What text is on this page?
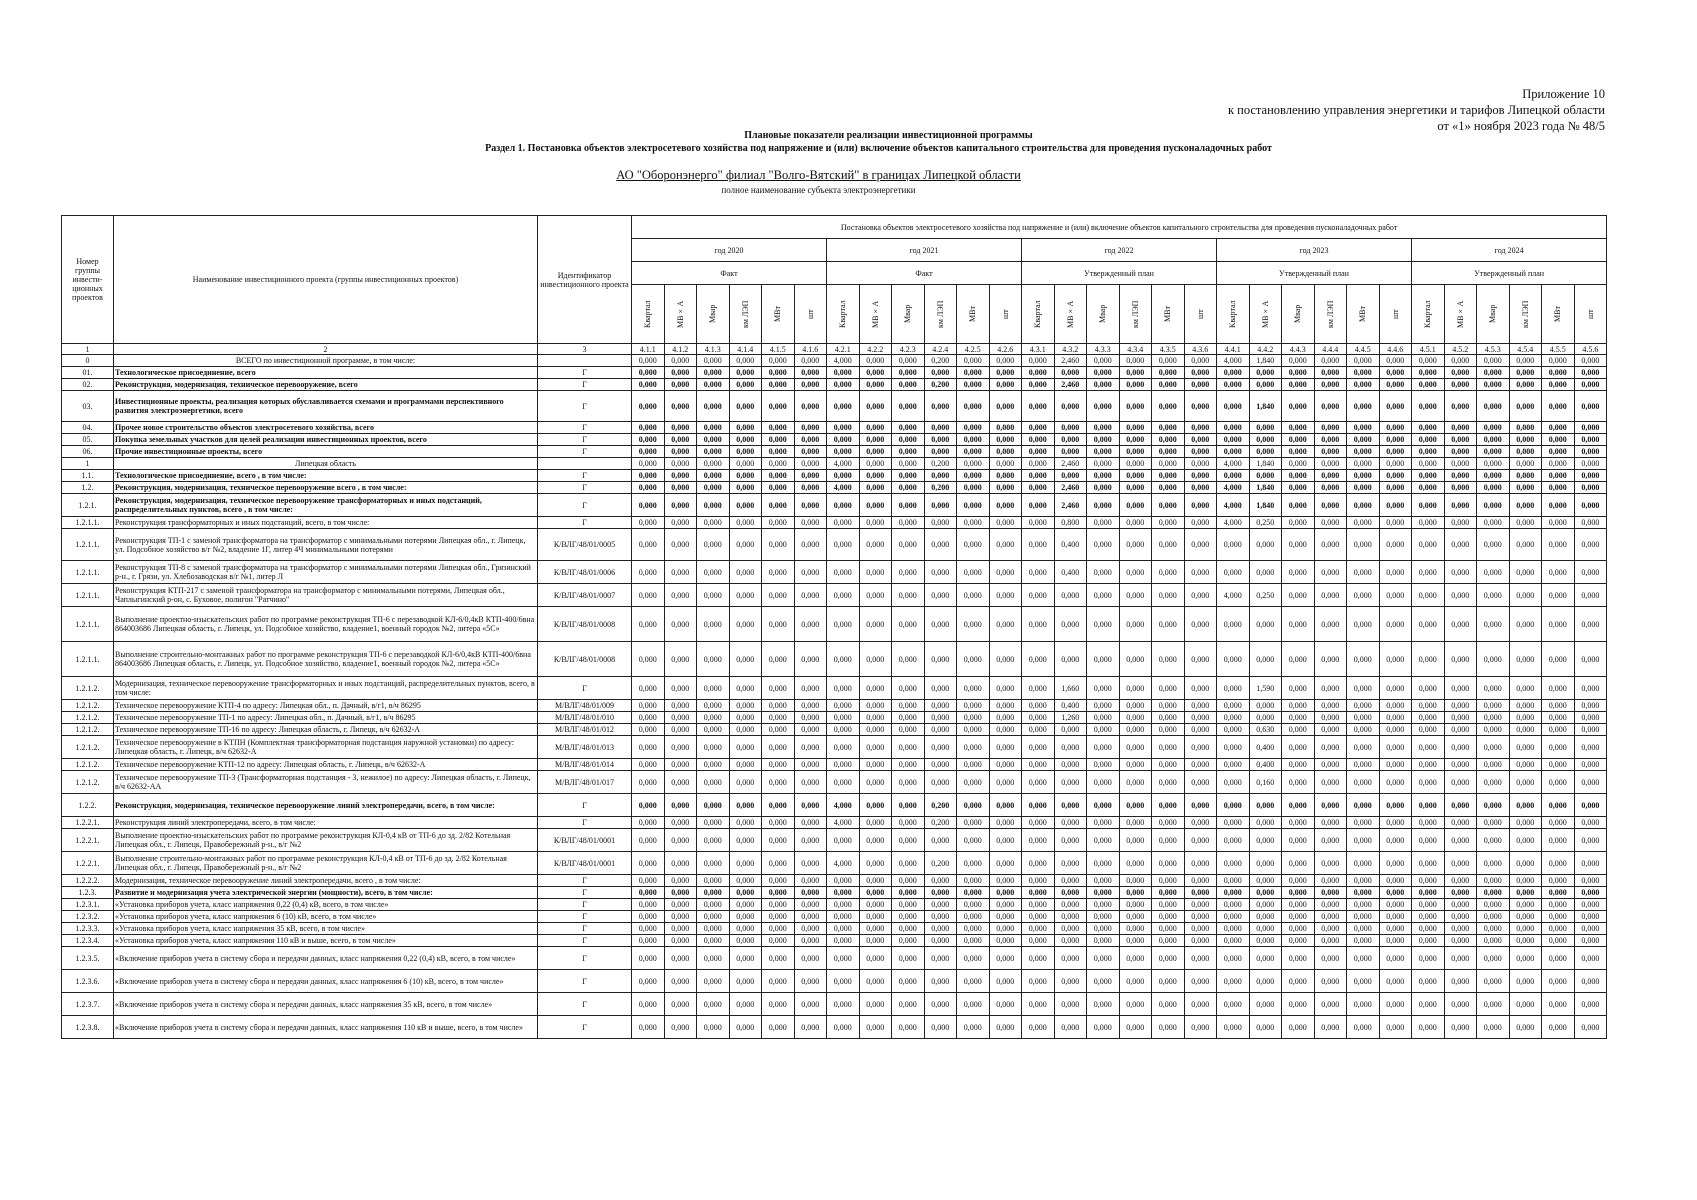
Приложение 10
к постановлению управления энергетики и тарифов Липецкой области
от «1» ноября 2023 года № 48/5
Плановые показатели реализации инвестиционной программы
Раздел 1. Постановка объектов электросетевого хозяйства под напряжение и (или) включение объектов капитального строительства для проведения пусконаладочных работ
АО "Оборонэнерго" филиал "Волго-Вятский" в границах Липецкой области
полное наименование субъекта электроэнергетики
Номер группы инвести- ционных проектов	Наименование инвестиционного проекта (группы инвестиционных проектов)	Идентификатор инвестиционного проекта	Постановка объектов электросетевого хозяйства под напряжение и (или) включение объектов капитального строительства для проведения пусконаладочных работ																													
			год 2020						год 2021						год 2022						год 2023						год 2024					
			Факт						Факт						Утвержденный план						Утвержденный план						Утвержденный план					

			Квартал	МВ×А	Мвар	км ЛЭП	МВт	шт	Квартал	МВ×А	Мвар	км ЛЭП	МВт	шт	Квартал	МВ×А	Мвар	км ЛЭП	МВт	шт	Квартал	МВ×А	Мвар	км ЛЭП	МВт	шт	Квартал	МВ×А	Мвар	км ЛЭП	МВт	шт

1	2	3	4.1.1	4.1.2	4.1.3	4.1.4	4.1.5	4.1.6	4.2.1	4.2.2	4.2.3	4.2.4	4.2.5	4.2.6	4.3.1	4.3.2	4.3.3	4.3.4	4.3.5	4.3.6	4.4.1	4.4.2	4.4.3	4.4.4	4.4.5	4.4.6	4.5.1	4.5.2	4.5.3	4.5.4	4.5.5	4.5.6
0	ВСЕГО по инвестиционной программе, в том числе:		0,000	0,000	0,000	0,000	0,000	0,000	4,000	0,000	0,000	0,200	0,000	0,000	0,000	2,460	0,000	0,000	0,000	0,000	4,000	1,840	0,000	0,000	0,000	0,000	0,000	0,000	0,000	0,000	0,000	0,000
01.	Технологическое присоединение, всего	Г	0,000	0,000	0,000	0,000	0,000	0,000	0,000	0,000	0,000	0,000	0,000	0,000	0,000	0,000	0,000	0,000	0,000	0,000	0,000	0,000	0,000	0,000	0,000	0,000	0,000	0,000	0,000	0,000	0,000	0,000
02.	Реконструкция, модернизация, техническое перевооружение, всего	Г	0,000	0,000	0,000	0,000	0,000	0,000	0,000	0,000	0,000	0,200	0,000	0,000	0,000	2,460	0,000	0,000	0,000	0,000	0,000	0,000	0,000	0,000	0,000	0,000	0,000	0,000	0,000	0,000	0,000	0,000
03.	Инвестиционные проекты, реализация которых обуславливается схемами и программами перспективного развития электроэнергетики, всего	Г	0,000	0,000	0,000	0,000	0,000	0,000	0,000	0,000	0,000	0,000	0,000	0,000	0,000	0,000	0,000	0,000	0,000	0,000	0,000	1,840	0,000	0,000	0,000	0,000	0,000	0,000	0,000	0,000	0,000	0,000
04.	Прочее новое строительство объектов электросетевого хозяйства, всего	Г	0,000	0,000	0,000	0,000	0,000	0,000	0,000	0,000	0,000	0,000	0,000	0,000	0,000	0,000	0,000	0,000	0,000	0,000	0,000	0,000	0,000	0,000	0,000	0,000	0,000	0,000	0,000	0,000	0,000	0,000
05.	Покупка земельных участков для целей реализации инвестиционных проектов, всего	Г	0,000	0,000	0,000	0,000	0,000	0,000	0,000	0,000	0,000	0,000	0,000	0,000	0,000	0,000	0,000	0,000	0,000	0,000	0,000	0,000	0,000	0,000	0,000	0,000	0,000	0,000	0,000	0,000	0,000	0,000
06.	Прочие инвестиционные проекты, всего	Г	0,000	0,000	0,000	0,000	0,000	0,000	0,000	0,000	0,000	0,000	0,000	0,000	0,000	0,000	0,000	0,000	0,000	0,000	0,000	0,000	0,000	0,000	0,000	0,000	0,000	0,000	0,000	0,000	0,000	0,000
1	Липецкая область		0,000	0,000	0,000	0,000	0,000	0,000	4,000	0,000	0,000	0,200	0,000	0,000	0,000	2,460	0,000	0,000	0,000	0,000	4,000	1,840	0,000	0,000	0,000	0,000	0,000	0,000	0,000	0,000	0,000	0,000
1.1.	Технологическое присоединение, всего , в том числе:	Г	0,000	0,000	0,000	0,000	0,000	0,000	0,000	0,000	0,000	0,000	0,000	0,000	0,000	0,000	0,000	0,000	0,000	0,000	0,000	0,000	0,000	0,000	0,000	0,000	0,000	0,000	0,000	0,000	0,000	0,000
1.2.	Реконструкция, модернизация, техническое перевооружение всего , в том числе:	Г	0,000	0,000	0,000	0,000	0,000	0,000	4,000	0,000	0,000	0,200	0,000	0,000	0,000	2,460	0,000	0,000	0,000	0,000	4,000	1,840	0,000	0,000	0,000	0,000	0,000	0,000	0,000	0,000	0,000	0,000
1.2.1.	Реконструкция, модернизация, техническое перевооружение трансформаторных и иных подстанций, распределительных пунктов, всего , в том числе:	Г	0,000	0,000	0,000	0,000	0,000	0,000	0,000	0,000	0,000	0,000	0,000	0,000	0,000	2,460	0,000	0,000	0,000	0,000	4,000	1,840	0,000	0,000	0,000	0,000	0,000	0,000	0,000	0,000	0,000	0,000
1.2.1.1.	Реконструкция трансформаторных и иных подстанций, всего, в том числе:	Г	0,000	0,000	0,000	0,000	0,000	0,000	0,000	0,000	0,000	0,000	0,000	0,000	0,000	0,800	0,000	0,000	0,000	0,000	4,000	0,250	0,000	0,000	0,000	0,000	0,000	0,000	0,000	0,000	0,000	0,000
1.2.1.1.	Реконструкция ТП-1 с заменой трансформатора на трансформатор с минимальными потерями Липецкая обл., г. Липецк, ул. Подсобное хозяйство в/г №2, владение 1Г, литер 4Ч минимальными потерями	К/ВЛГ/48/01/0005	0,000	0,000	0,000	0,000	0,000	0,000	0,000	0,000	0,000	0,000	0,000	0,000	0,000	0,400	0,000	0,000	0,000	0,000	0,000	0,000	0,000	0,000	0,000	0,000	0,000	0,000	0,000	0,000	0,000	0,000
1.2.1.1.	Реконструкция ТП-8 с заменой трансформатора на трансформатор с минимальными потерями Липецкая обл., Грязинский р-н., г. Грязи, ул. Хлебозаводская в/г №1, литер Л	К/ВЛГ/48/01/0006	0,000	0,000	0,000	0,000	0,000	0,000	0,000	0,000	0,000	0,000	0,000	0,000	0,000	0,400	0,000	0,000	0,000	0,000	0,000	0,000	0,000	0,000	0,000	0,000	0,000	0,000	0,000	0,000	0,000	0,000
1.2.1.1.	Реконструкция КТП-217 с заменой трансформатора на трансформатор с минимальными потерями, Липецкая обл., Чаплыгинский р-он, с. Буховое, полигон "Ратчино"	К/ВЛГ/48/01/0007	0,000	0,000	0,000	0,000	0,000	0,000	0,000	0,000	0,000	0,000	0,000	0,000	0,000	0,000	0,000	0,000	0,000	0,000	4,000	0,250	0,000	0,000	0,000	0,000	0,000	0,000	0,000	0,000	0,000	0,000
1.2.1.1.	Выполнение проектно-изыскательских работ по программе реконструкция ТП-6 с перезаводкой КЛ-6/0,4кВ КТП-400/6вна 864003686 Липецкая область, г. Липецк, ул. Подсобное хозяйство, владение1, военный городок №2, литера «5С»	К/ВЛГ/48/01/0008	0,000	0,000	0,000	0,000	0,000	0,000	0,000	0,000	0,000	0,000	0,000	0,000	0,000	0,000	0,000	0,000	0,000	0,000	0,000	0,000	0,000	0,000	0,000	0,000	0,000	0,000	0,000	0,000	0,000	0,000
1.2.1.1.	Выполнение строительно-монтажных работ по программе реконструкция ТП-6 с перезаводкой КЛ-6/0,4кВ КТП-400/6вна 864003686 Липецкая область, г. Липецк, ул. Подсобное хозяйство, владение1, военный городок №2, литера «5С»	К/ВЛГ/48/01/0008	0,000	0,000	0,000	0,000	0,000	0,000	0,000	0,000	0,000	0,000	0,000	0,000	0,000	0,000	0,000	0,000	0,000	0,000	0,000	0,000	0,000	0,000	0,000	0,000	0,000	0,000	0,000	0,000	0,000	0,000
1.2.1.2.	Модернизация, техническое перевооружение трансформаторных и иных подстанций, распределительных пунктов, всего, в том числе:	Г	0,000	0,000	0,000	0,000	0,000	0,000	0,000	0,000	0,000	0,000	0,000	0,000	0,000	1,660	0,000	0,000	0,000	0,000	0,000	1,590	0,000	0,000	0,000	0,000	0,000	0,000	0,000	0,000	0,000	0,000
1.2.1.2.	Техническое перевооружение КТП-4 по адресу: Липецкая обл., п. Дачный, в/г1, в/ч 86295	М/ВЛГ/48/01/009	0,000	0,000	0,000	0,000	0,000	0,000	0,000	0,000	0,000	0,000	0,000	0,000	0,000	0,400	0,000	0,000	0,000	0,000	0,000	0,000	0,000	0,000	0,000	0,000	0,000	0,000	0,000	0,000	0,000	0,000
1.2.1.2.	Техническое перевооружение ТП-1 по адресу: Липецкая обл., п. Дачный, в/г1, в/ч 86295	М/ВЛГ/48/01/010	0,000	0,000	0,000	0,000	0,000	0,000	0,000	0,000	0,000	0,000	0,000	0,000	0,000	1,260	0,000	0,000	0,000	0,000	0,000	0,000	0,000	0,000	0,000	0,000	0,000	0,000	0,000	0,000	0,000	0,000
1.2.1.2.	Техническое перевооружение ТП-16 по адресу: Липецкая область, г. Липецк, в/ч 62632-А	М/ВЛГ/48/01/012	0,000	0,000	0,000	0,000	0,000	0,000	0,000	0,000	0,000	0,000	0,000	0,000	0,000	0,000	0,000	0,000	0,000	0,000	0,000	0,630	0,000	0,000	0,000	0,000	0,000	0,000	0,000	0,000	0,000	0,000
1.2.1.2.	Техническое перевооружение в КТПН (Комплектная трансформаторная подстанция наружной установки) по адресу: Липецкая область, г. Липецк, в/ч 62632-А	М/ВЛГ/48/01/013	0,000	0,000	0,000	0,000	0,000	0,000	0,000	0,000	0,000	0,000	0,000	0,000	0,000	0,000	0,000	0,000	0,000	0,000	0,000	0,400	0,000	0,000	0,000	0,000	0,000	0,000	0,000	0,000	0,000	0,000
1.2.1.2.	Техническое перевооружение КТП-12 по адресу: Липецкая область, г. Липецк, в/ч 62632-А	М/ВЛГ/48/01/014	0,000	0,000	0,000	0,000	0,000	0,000	0,000	0,000	0,000	0,000	0,000	0,000	0,000	0,000	0,000	0,000	0,000	0,000	0,000	0,400	0,000	0,000	0,000	0,000	0,000	0,000	0,000	0,000	0,000	0,000
1.2.1.2.	Техническое перевооружение ТП-3 (Трансформаторная подстанция - 3, нежилое) по адресу: Липецкая область, г. Липецк, в/ч 62632-АА	М/ВЛГ/48/01/017	0,000	0,000	0,000	0,000	0,000	0,000	0,000	0,000	0,000	0,000	0,000	0,000	0,000	0,000	0,000	0,000	0,000	0,000	0,000	0,160	0,000	0,000	0,000	0,000	0,000	0,000	0,000	0,000	0,000	0,000
1.2.2.	Реконструкция, модернизация, техническое перевооружение линий электропередачи, всего, в том числе:	Г	0,000	0,000	0,000	0,000	0,000	0,000	4,000	0,000	0,000	0,200	0,000	0,000	0,000	0,000	0,000	0,000	0,000	0,000	0,000	0,000	0,000	0,000	0,000	0,000	0,000	0,000	0,000	0,000	0,000	0,000
1.2.2.1.	Реконструкция линий электропередачи, всего, в том числе:	Г	0,000	0,000	0,000	0,000	0,000	0,000	4,000	0,000	0,000	0,200	0,000	0,000	0,000	0,000	0,000	0,000	0,000	0,000	0,000	0,000	0,000	0,000	0,000	0,000	0,000	0,000	0,000	0,000	0,000	0,000
1.2.2.1.	Выполнение проектно-изыскательских работ по программе реконструкция КЛ-0,4 кВ от ТП-6 до зд. 2/82 Котельная Липецкая обл., г. Липецк, Правобережный р-н., в/г №2	К/ВЛГ/48/01/0001	0,000	0,000	0,000	0,000	0,000	0,000	0,000	0,000	0,000	0,000	0,000	0,000	0,000	0,000	0,000	0,000	0,000	0,000	0,000	0,000	0,000	0,000	0,000	0,000	0,000	0,000	0,000	0,000	0,000	0,000
1.2.2.1.	Выполнение строительно-монтажных работ по программе реконструкция КЛ-0,4 кВ от ТП-6 до зд. 2/82 Котельная Липецкая обл., г. Липецк, Правобережный р-н., в/г №2	К/ВЛГ/48/01/0001	0,000	0,000	0,000	0,000	0,000	0,000	4,000	0,000	0,000	0,200	0,000	0,000	0,000	0,000	0,000	0,000	0,000	0,000	0,000	0,000	0,000	0,000	0,000	0,000	0,000	0,000	0,000	0,000	0,000	0,000
1.2.2.2.	Модернизация, техническое перевооружение линий электропередачи, всего , в том числе:	Г	0,000	0,000	0,000	0,000	0,000	0,000	0,000	0,000	0,000	0,000	0,000	0,000	0,000	0,000	0,000	0,000	0,000	0,000	0,000	0,000	0,000	0,000	0,000	0,000	0,000	0,000	0,000	0,000	0,000	0,000
1.2.3.	Развитие и модернизация учета электрической энергии (мощности), всего, в том числе:	Г	0,000	0,000	0,000	0,000	0,000	0,000	0,000	0,000	0,000	0,000	0,000	0,000	0,000	0,000	0,000	0,000	0,000	0,000	0,000	0,000	0,000	0,000	0,000	0,000	0,000	0,000	0,000	0,000	0,000	0,000
1.2.3.1.	«Установка приборов учета, класс напряжения 0,22 (0,4) кВ, всего, в том числе»	Г	0,000	0,000	0,000	0,000	0,000	0,000	0,000	0,000	0,000	0,000	0,000	0,000	0,000	0,000	0,000	0,000	0,000	0,000	0,000	0,000	0,000	0,000	0,000	0,000	0,000	0,000	0,000	0,000	0,000	0,000
1.2.3.2.	«Установка приборов учета, класс напряжения 6 (10) кВ, всего, в том числе»	Г	0,000	0,000	0,000	0,000	0,000	0,000	0,000	0,000	0,000	0,000	0,000	0,000	0,000	0,000	0,000	0,000	0,000	0,000	0,000	0,000	0,000	0,000	0,000	0,000	0,000	0,000	0,000	0,000	0,000	0,000
1.2.3.3.	«Установка приборов учета, класс напряжения 35 кВ, всего, в том числе»	Г	0,000	0,000	0,000	0,000	0,000	0,000	0,000	0,000	0,000	0,000	0,000	0,000	0,000	0,000	0,000	0,000	0,000	0,000	0,000	0,000	0,000	0,000	0,000	0,000	0,000	0,000	0,000	0,000	0,000	0,000
1.2.3.4.	«Установка приборов учета, класс напряжения 110 кВ и выше, всего, в том числе»	Г	0,000	0,000	0,000	0,000	0,000	0,000	0,000	0,000	0,000	0,000	0,000	0,000	0,000	0,000	0,000	0,000	0,000	0,000	0,000	0,000	0,000	0,000	0,000	0,000	0,000	0,000	0,000	0,000	0,000	0,000
1.2.3.5.	«Включение приборов учета в систему сбора и передачи данных, класс напряжения 0,22 (0,4) кВ, всего, в том числе»	Г	0,000	0,000	0,000	0,000	0,000	0,000	0,000	0,000	0,000	0,000	0,000	0,000	0,000	0,000	0,000	0,000	0,000	0,000	0,000	0,000	0,000	0,000	0,000	0,000	0,000	0,000	0,000	0,000	0,000	0,000
1.2.3.6.	«Включение приборов учета в систему сбора и передачи данных, класс напряжения 6 (10) кВ, всего, в том числе»	Г	0,000	0,000	0,000	0,000	0,000	0,000	0,000	0,000	0,000	0,000	0,000	0,000	0,000	0,000	0,000	0,000	0,000	0,000	0,000	0,000	0,000	0,000	0,000	0,000	0,000	0,000	0,000	0,000	0,000	0,000
1.2.3.7.	«Включение приборов учета в систему сбора и передачи данных, класс напряжения 35 кВ, всего, в том числе»	Г	0,000	0,000	0,000	0,000	0,000	0,000	0,000	0,000	0,000	0,000	0,000	0,000	0,000	0,000	0,000	0,000	0,000	0,000	0,000	0,000	0,000	0,000	0,000	0,000	0,000	0,000	0,000	0,000	0,000	0,000
1.2.3.8.	«Включение приборов учета в систему сбора и передачи данных, класс напряжения 110 кВ и выше, всего, в том числе»	Г	0,000	0,000	0,000	0,000	0,000	0,000	0,000	0,000	0,000	0,000	0,000	0,000	0,000	0,000	0,000	0,000	0,000	0,000	0,000	0,000	0,000	0,000	0,000	0,000	0,000	0,000	0,000	0,000	0,000	0,000
